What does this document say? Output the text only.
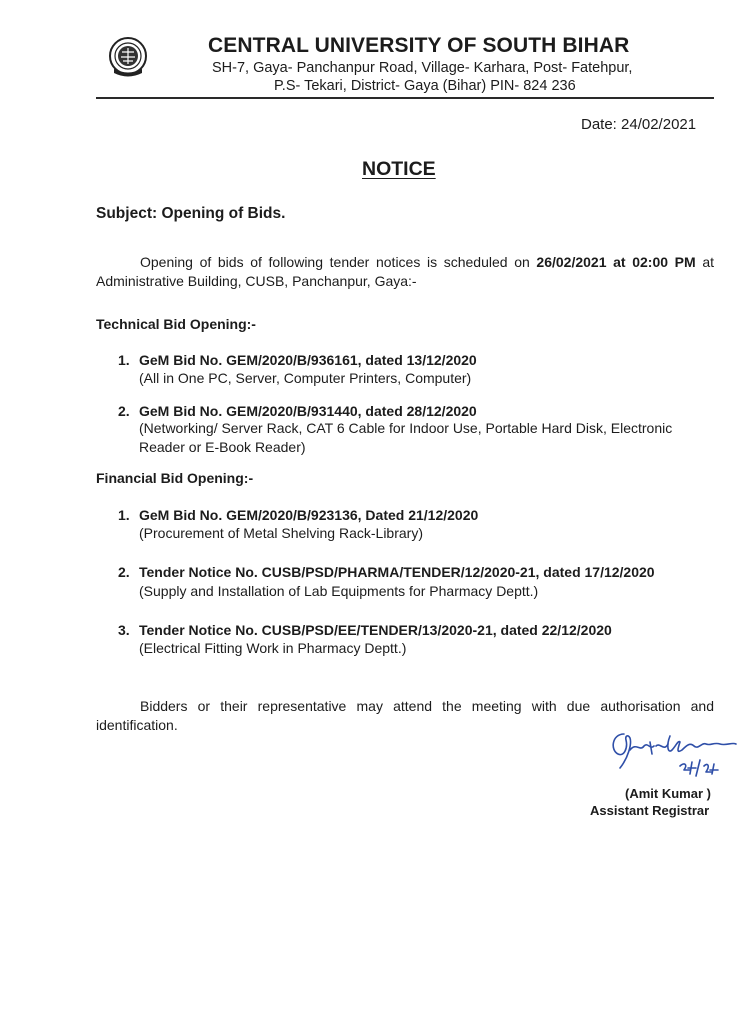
CENTRAL UNIVERSITY OF SOUTH BIHAR
SH-7, Gaya- Panchanpur Road, Village- Karhara, Post- Fatehpur,
P.S- Tekari, District- Gaya (Bihar) PIN- 824 236
Date: 24/02/2021
NOTICE
Subject: Opening of Bids.
Opening of bids of following tender notices is scheduled on 26/02/2021 at 02:00 PM at Administrative Building, CUSB, Panchanpur, Gaya:-
Technical Bid Opening:-
1. GeM Bid No. GEM/2020/B/936161, dated 13/12/2020
(All in One PC, Server, Computer Printers, Computer)
2. GeM Bid No. GEM/2020/B/931440, dated 28/12/2020
(Networking/ Server Rack, CAT 6 Cable for Indoor Use, Portable Hard Disk, Electronic Reader or E-Book Reader)
Financial Bid Opening:-
1. GeM Bid No. GEM/2020/B/923136, Dated 21/12/2020
(Procurement of Metal Shelving Rack-Library)
2. Tender Notice No. CUSB/PSD/PHARMA/TENDER/12/2020-21, dated 17/12/2020
(Supply and Installation of Lab Equipments for Pharmacy Deptt.)
3. Tender Notice No. CUSB/PSD/EE/TENDER/13/2020-21, dated 22/12/2020
(Electrical Fitting Work in Pharmacy Deptt.)
Bidders or their representative may attend the meeting with due authorisation and identification.
(Amit Kumar )
Assistant Registrar
